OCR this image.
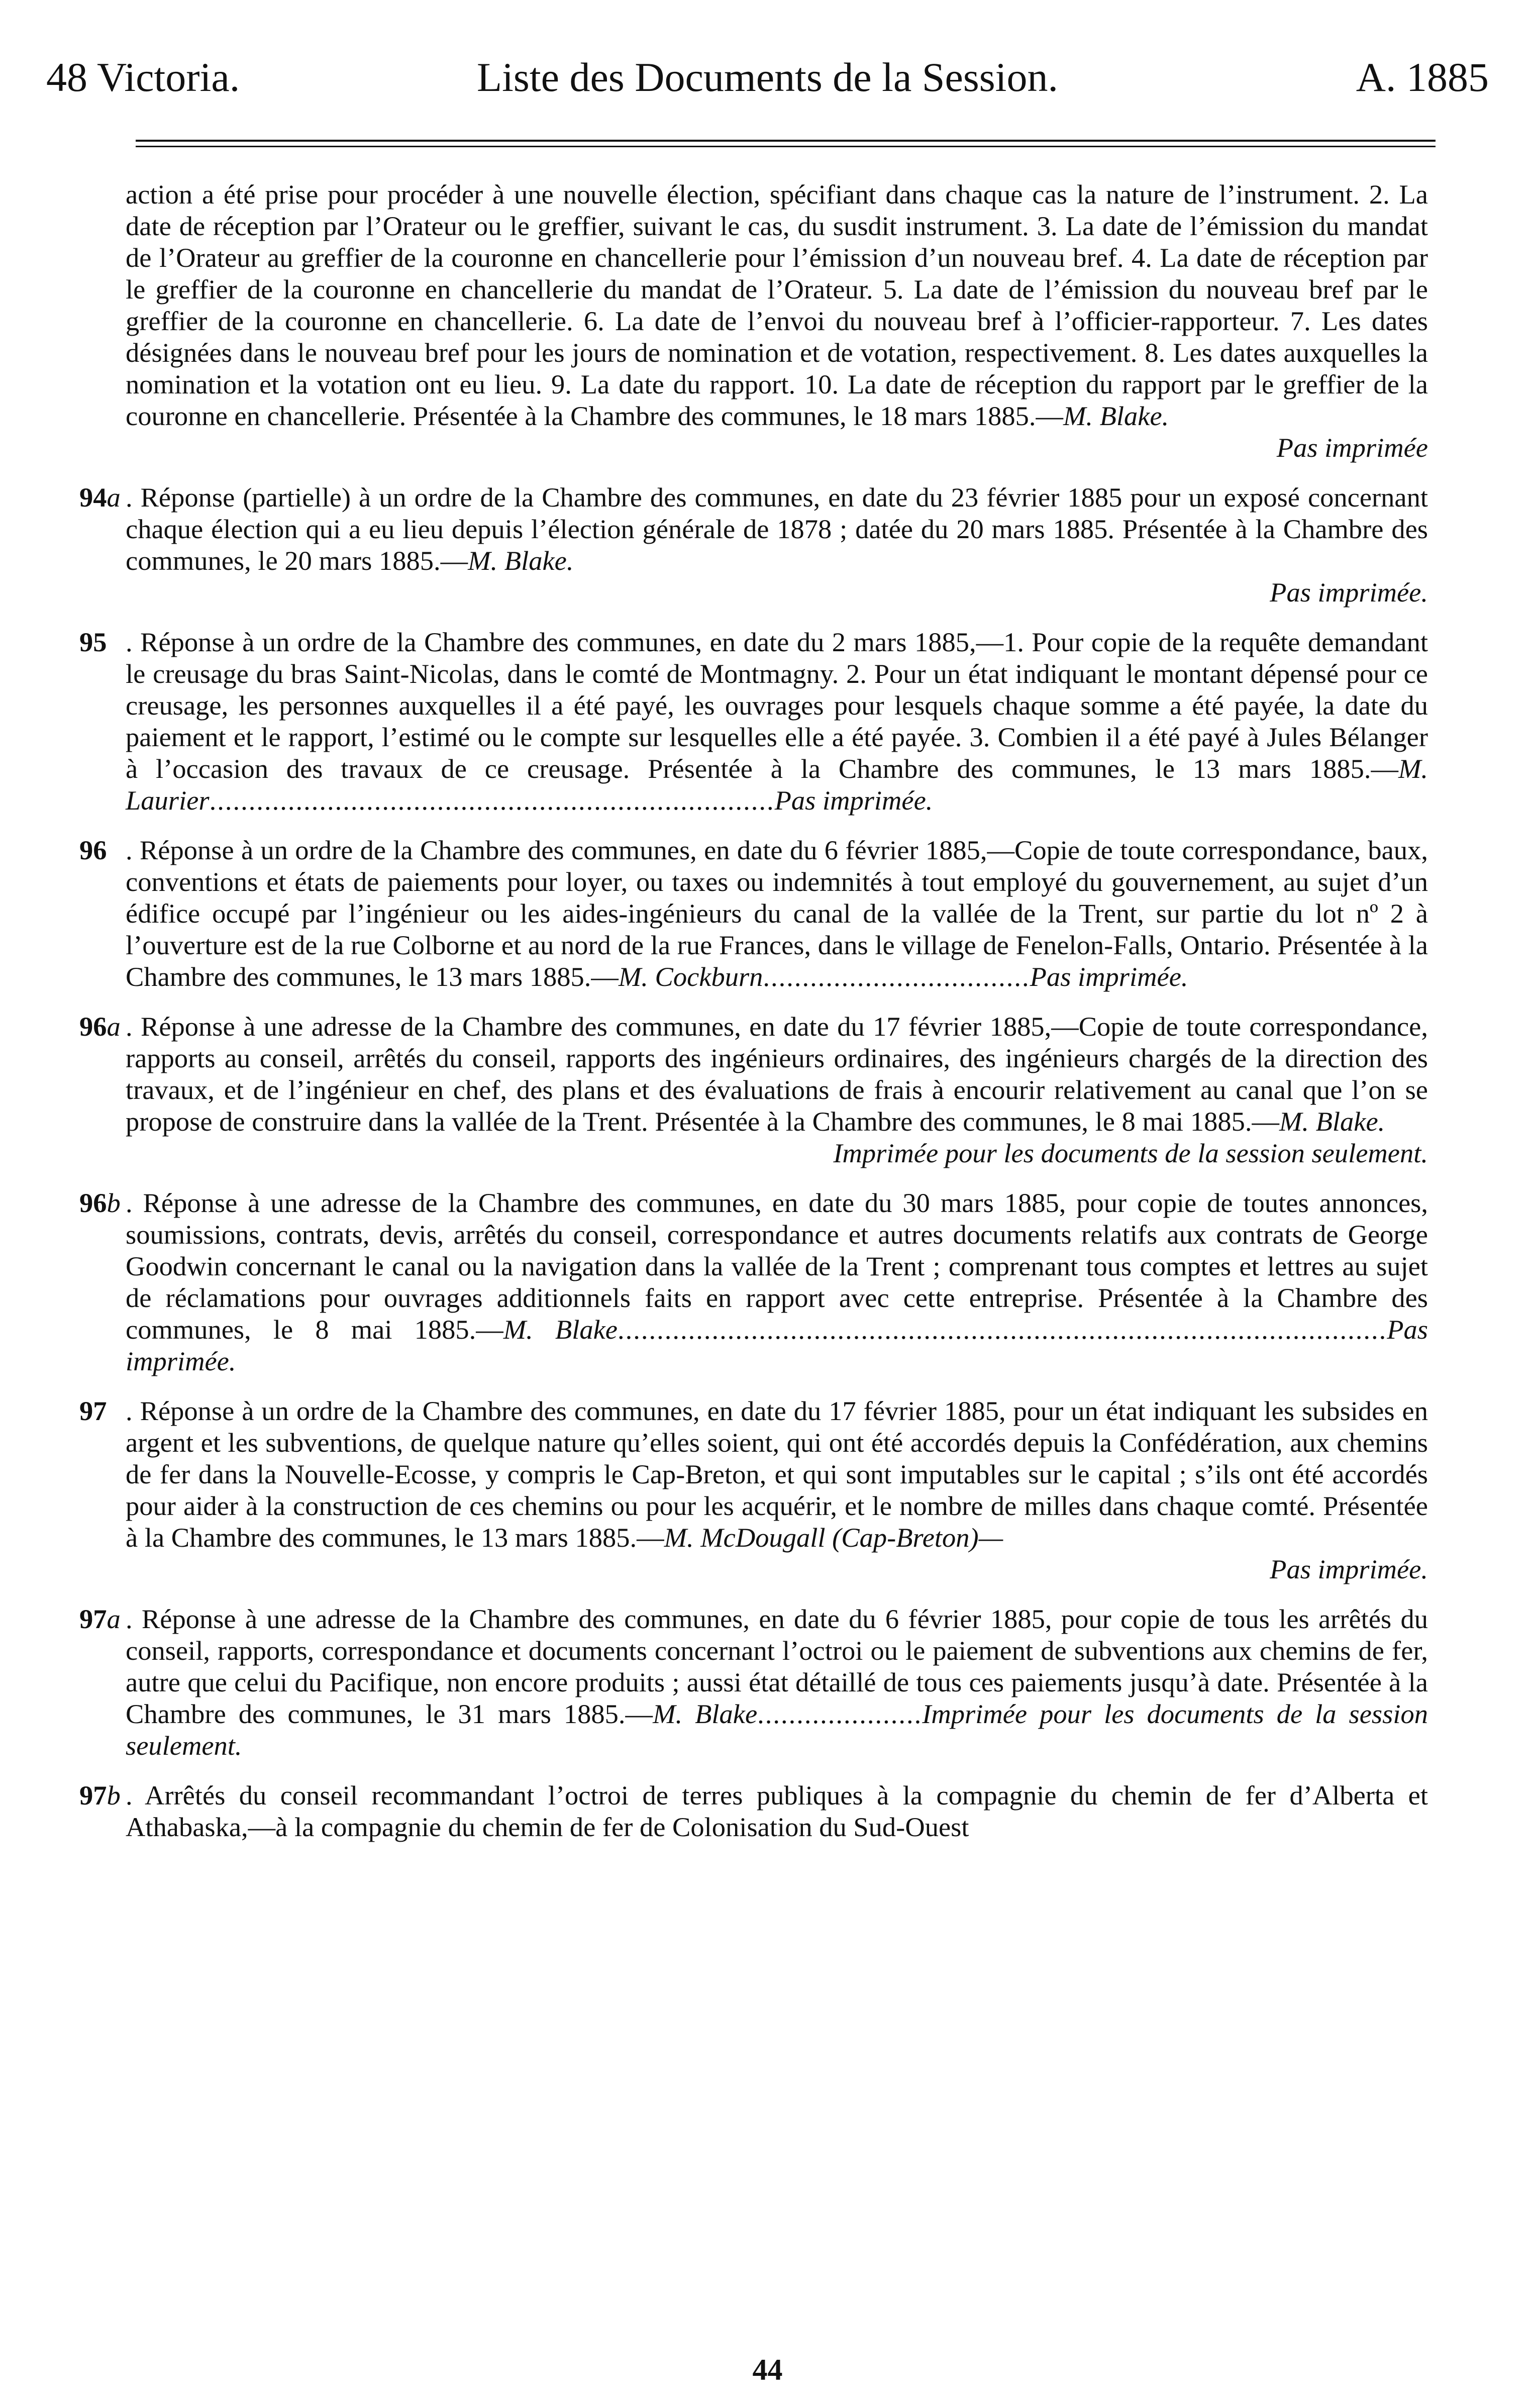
48 Victoria.	Liste des Documents de la Session.	A. 1885
action a été prise pour procéder à une nouvelle élection, spécifiant dans chaque cas la nature de l’instrument. 2. La date de réception par l’Orateur ou le greffier, suivant le cas, du susdit instrument. 3. La date de l’émission du mandat de l’Orateur au greffier de la couronne en chancellerie pour l’émission d’un nouveau bref. 4. La date de réception par le greffier de la couronne en chancellerie du mandat de l’Orateur. 5. La date de l’émission du nouveau bref par le greffier de la couronne en chancellerie. 6. La date de l’envoi du nouveau bref à l’officier-rapporteur. 7. Les dates désignées dans le nouveau bref pour les jours de nomination et de votation, respectivement. 8. Les dates auxquelles la nomination et la votation ont eu lieu. 9. La date du rapport. 10. La date de réception du rapport par le greffier de la couronne en chancellerie. Présentée à la Chambre des communes, le 18 mars 1885.—M. Blake.

Pas imprimée

94a . Réponse (partielle) à un ordre de la Chambre des communes, en date du 23 février 1885 pour un exposé concernant chaque élection qui a eu lieu depuis l’élection générale de 1878 ; datée du 20 mars 1885. Présentée à la Chambre des communes, le 20 mars 1885.—M. Blake.

Pas imprimée.

95 . Réponse à un ordre de la Chambre des communes, en date du 2 mars 1885,—1. Pour copie de la requête demandant le creusage du bras Saint-Nicolas, dans le comté de Montmagny. 2. Pour un état indiquant le montant dépensé pour ce creusage, les personnes auxquelles il a été payé, les ouvrages pour lesquels chaque somme a été payée, la date du paiement et le rapport, l’estimé ou le compte sur lesquelles elle a été payée. 3. Combien il a été payé à Jules Bélanger à l’occasion des travaux de ce creusage. Présentée à la Chambre des communes, le 13 mars 1885.—M. Laurier........................................................................Pas imprimée.
96 . Réponse à un ordre de la Chambre des communes, en date du 6 février 1885,—Copie de toute correspondance, baux, conventions et états de paiements pour loyer, ou taxes ou indemnités à tout employé du gouvernement, au sujet d’un édifice occupé par l’ingénieur ou les aides-ingénieurs du canal de la vallée de la Trent, sur partie du lot nº 2 à l’ouverture est de la rue Colborne et au nord de la rue Frances, dans le village de Fenelon-Falls, Ontario. Présentée à la Chambre des communes, le 13 mars 1885.—M. Cockburn..................................Pas imprimée.
96a . Réponse à une adresse de la Chambre des communes, en date du 17 février 1885,—Copie de toute correspondance, rapports au conseil, arrêtés du conseil, rapports des ingénieurs ordinaires, des ingénieurs chargés de la direction des travaux, et de l’ingénieur en chef, des plans et des évaluations de frais à encourir relativement au canal que l’on se propose de construire dans la vallée de la Trent. Présentée à la Chambre des communes, le 8 mai 1885.—M. Blake.

Imprimée pour les documents de la session seulement.

96b . Réponse à une adresse de la Chambre des communes, en date du 30 mars 1885, pour copie de toutes annonces, soumissions, contrats, devis, arrêtés du conseil, correspondance et autres documents relatifs aux contrats de George Goodwin concernant le canal ou la navigation dans la vallée de la Trent ; comprenant tous comptes et lettres au sujet de réclamations pour ouvrages additionnels faits en rapport avec cette entreprise. Présentée à la Chambre des communes, le 8 mai 1885.—M. Blake..................................................................................................Pas imprimée.
97 . Réponse à un ordre de la Chambre des communes, en date du 17 février 1885, pour un état indiquant les subsides en argent et les subventions, de quelque nature qu’elles soient, qui ont été accordés depuis la Confédération, aux chemins de fer dans la Nouvelle-Ecosse, y compris le Cap-Breton, et qui sont imputables sur le capital ; s’ils ont été accordés pour aider à la construction de ces chemins ou pour les acquérir, et le nombre de milles dans chaque comté. Présentée à la Chambre des communes, le 13 mars 1885.—M. McDougall (Cap-Breton)—

Pas imprimée.

97a . Réponse à une adresse de la Chambre des communes, en date du 6 février 1885, pour copie de tous les arrêtés du conseil, rapports, correspondance et documents concernant l’octroi ou le paiement de subventions aux chemins de fer, autre que celui du Pacifique, non encore produits ; aussi état détaillé de tous ces paiements jusqu’à date. Présentée à la Chambre des communes, le 31 mars 1885.—M. Blake.....................Imprimée pour les documents de la session seulement.
97b . Arrêtés du conseil recommandant l’octroi de terres publiques à la compagnie du chemin de fer d’Alberta et Athabaska,—à la compagnie du chemin de fer de Colonisation du Sud-Ouest
44
